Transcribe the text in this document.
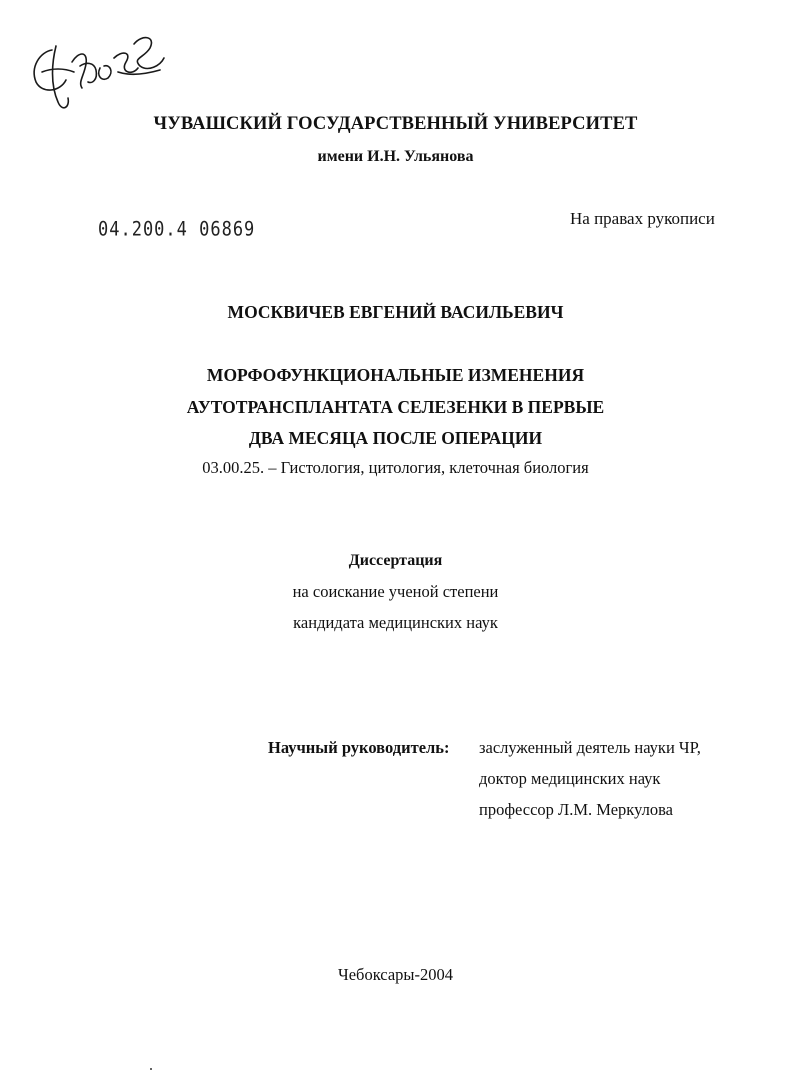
ЧУВАШСКИЙ ГОСУДАРСТВЕННЫЙ УНИВЕРСИТЕТ
имени И.Н. Ульянова
04.200.4 06869	На правах рукописи
МОСКВИЧЕВ ЕВГЕНИЙ ВАСИЛЬЕВИЧ
МОРФОФУНКЦИОНАЛЬНЫЕ ИЗМЕНЕНИЯ
АУТОТРАНСПЛАНТАТА СЕЛЕЗЕНКИ В ПЕРВЫЕ
ДВА МЕСЯЦА ПОСЛЕ ОПЕРАЦИИ
03.00.25. – Гистология, цитология, клеточная биология
Диссертация
на соискание ученой степени
кандидата медицинских наук
Научный руководитель: заслуженный деятель науки ЧР,
доктор медицинских наук
профессор Л.М. Меркулова
Чебоксары-2004
